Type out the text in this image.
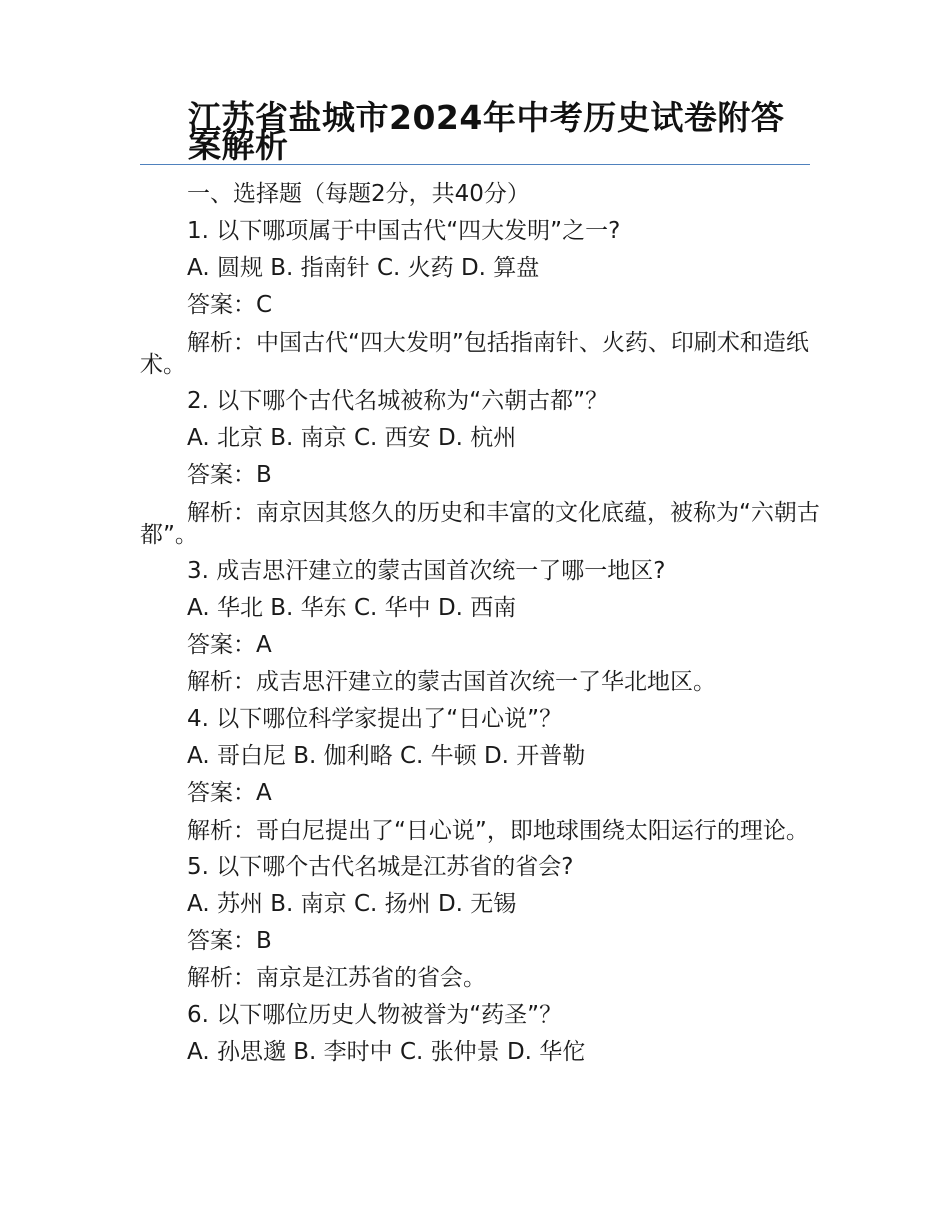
江苏省盐城市2024年中考历史试卷附答案解析
一、选择题（每题2分，共40分）
1. 以下哪项属于中国古代“四大发明”之一?
A. 圆规 B. 指南针 C. 火药 D. 算盘
答案：C
解析：中国古代“四大发明”包括指南针、火药、印刷术和造纸术。
2. 以下哪个古代名城被称为“六朝古都”？
A. 北京 B. 南京 C. 西安 D. 杭州
答案：B
解析：南京因其悠久的历史和丰富的文化底蕴，被称为“六朝古都”。
3. 成吉思汗建立的蒙古国首次统一了哪一地区?
A. 华北 B. 华东 C. 华中 D. 西南
答案：A
解析：成吉思汗建立的蒙古国首次统一了华北地区。
4. 以下哪位科学家提出了“日心说”？
A. 哥白尼 B. 伽利略 C. 牛顿 D. 开普勒
答案：A
解析：哥白尼提出了“日心说”，即地球围绕太阳运行的理论。
5. 以下哪个古代名城是江苏省的省会?
A. 苏州 B. 南京 C. 扬州 D. 无锡
答案：B
解析：南京是江苏省的省会。
6. 以下哪位历史人物被誉为“药圣”？
A. 孙思邈 B. 李时中 C. 张仲景 D. 华佗
